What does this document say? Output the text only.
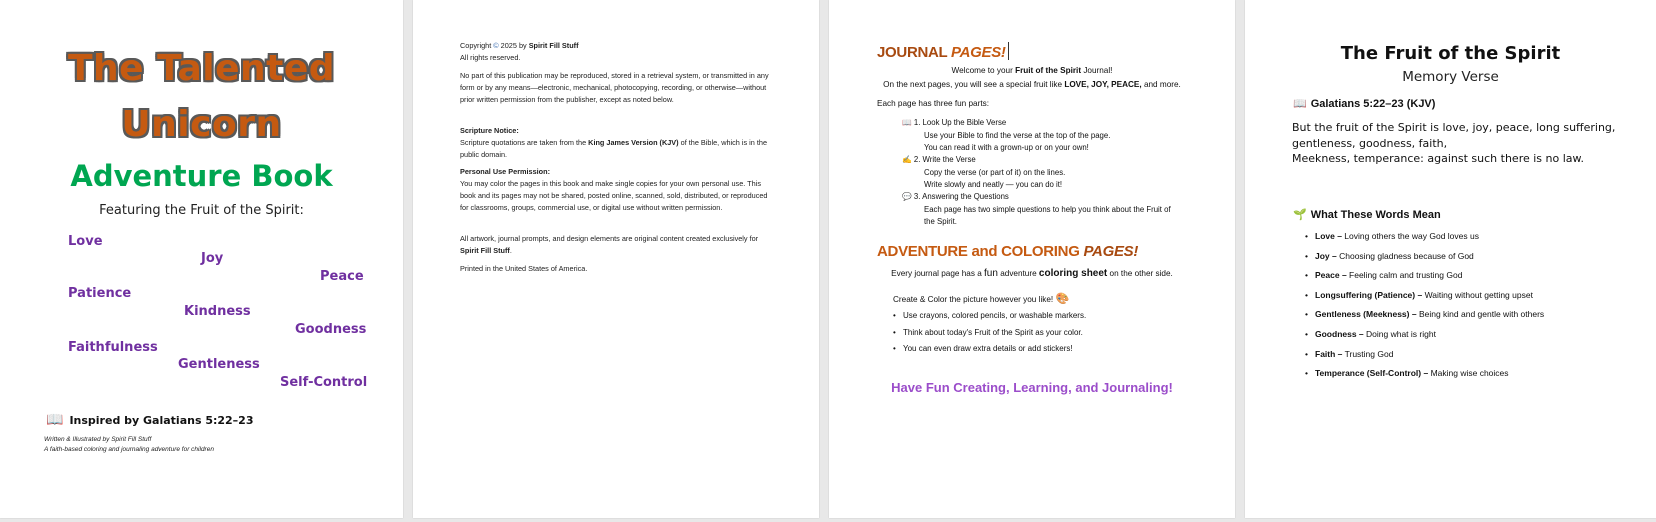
The Talented
Unicorn
Adventure Book
Featuring the Fruit of the Spirit:
Love
Joy
Peace
Patience
Kindness
Goodness
Faithfulness
Gentleness
Self-Control
📖 Inspired by Galatians 5:22–23
Written & Illustrated by Spirit Fill Stuff
A faith-based coloring and journaling adventure for children
Copyright © 2025 by Spirit Fill Stuff
All rights reserved.
No part of this publication may be reproduced, stored in a retrieval system, or transmitted in any form or by any means—electronic, mechanical, photocopying, recording, or otherwise—without prior written permission from the publisher, except as noted below.
Scripture Notice:
Scripture quotations are taken from the King James Version (KJV) of the Bible, which is in the public domain.
Personal Use Permission:
You may color the pages in this book and make single copies for your own personal use. This book and its pages may not be shared, posted online, scanned, sold, distributed, or reproduced for classrooms, groups, commercial use, or digital use without written permission.
All artwork, journal prompts, and design elements are original content created exclusively for Spirit Fill Stuff.
Printed in the United States of America.
JOURNAL PAGES!
Welcome to your Fruit of the Spirit Journal!
On the next pages, you will see a special fruit like LOVE, JOY, PEACE, and more.
Each page has three fun parts:
📖 1. Look Up the Bible Verse
Use your Bible to find the verse at the top of the page.
You can read it with a grown-up or on your own!
✍ 2. Write the Verse
Copy the verse (or part of it) on the lines.
Write slowly and neatly — you can do it!
💬 3. Answering the Questions
Each page has two simple questions to help you think about the Fruit of
the Spirit.
ADVENTURE and COLORING PAGES!
Every journal page has a fun adventure coloring sheet on the other side.
Create & Color the picture however you like! 🎨
• Use crayons, colored pencils, or washable markers.
• Think about today's Fruit of the Spirit as your color.
• You can even draw extra details or add stickers!
Have Fun Creating, Learning, and Journaling!
The Fruit of the Spirit
Memory Verse
📖 Galatians 5:22–23 (KJV)
But the fruit of the Spirit is love, joy, peace, long suffering,
gentleness, goodness, faith,
Meekness, temperance: against such there is no law.
🌱 What These Words Mean
• Love – Loving others the way God loves us
• Joy – Choosing gladness because of God
• Peace – Feeling calm and trusting God
• Longsuffering (Patience) – Waiting without getting upset
• Gentleness (Meekness) – Being kind and gentle with others
• Goodness – Doing what is right
• Faith – Trusting God
• Temperance (Self-Control) – Making wise choices
